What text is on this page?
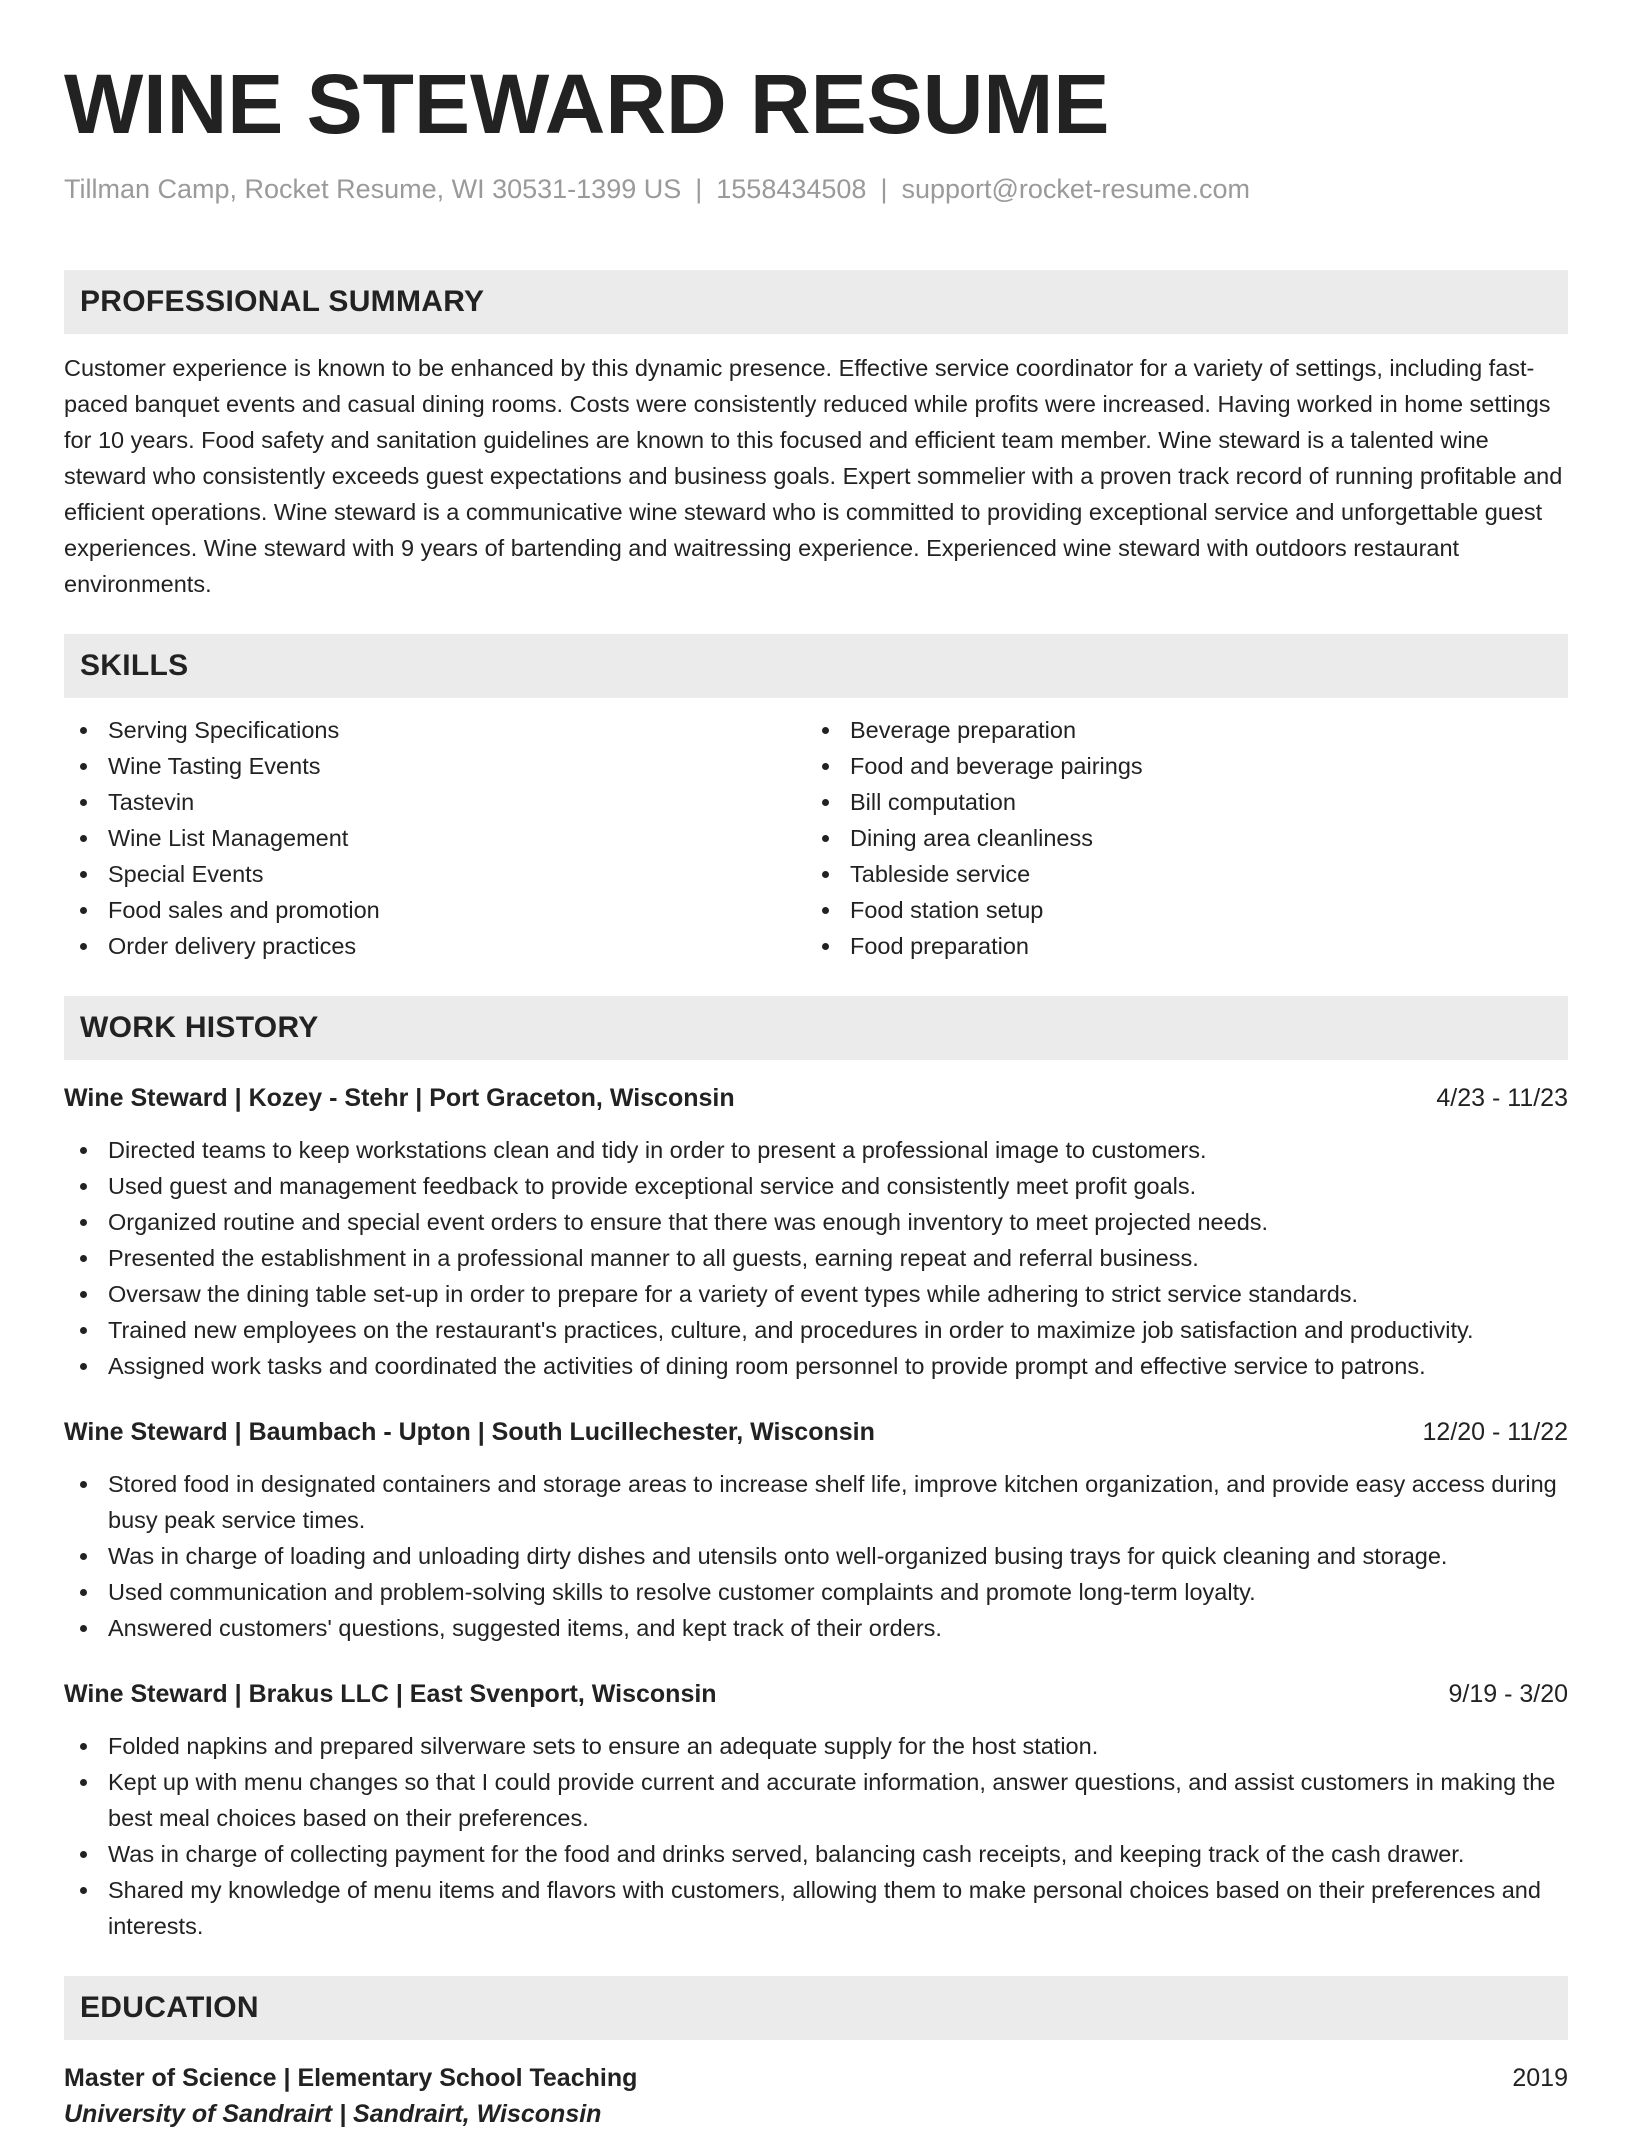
WINE STEWARD RESUME
Tillman Camp, Rocket Resume, WI 30531-1399 US | 1558434508 | support@rocket-resume.com
PROFESSIONAL SUMMARY

Customer experience is known to be enhanced by this dynamic presence. Effective service coordinator for a variety of settings, including fast-paced banquet events and casual dining rooms. Costs were consistently reduced while profits were increased. Having worked in home settings for 10 years. Food safety and sanitation guidelines are known to this focused and efficient team member. Wine steward is a talented wine steward who consistently exceeds guest expectations and business goals. Expert sommelier with a proven track record of running profitable and efficient operations. Wine steward is a communicative wine steward who is committed to providing exceptional service and unforgettable guest experiences. Wine steward with 9 years of bartending and waitressing experience. Experienced wine steward with outdoors restaurant environments.

SKILLS
Serving Specifications
Wine Tasting Events
Tastevin
Wine List Management
Special Events
Food sales and promotion
Order delivery practices
Beverage preparation
Food and beverage pairings
Bill computation
Dining area cleanliness
Tableside service
Food station setup
Food preparation
WORK HISTORY
Wine Steward | Kozey - Stehr | Port Graceton, Wisconsin	4/23 - 11/23
Directed teams to keep workstations clean and tidy in order to present a professional image to customers.
Used guest and management feedback to provide exceptional service and consistently meet profit goals.
Organized routine and special event orders to ensure that there was enough inventory to meet projected needs.
Presented the establishment in a professional manner to all guests, earning repeat and referral business.
Oversaw the dining table set-up in order to prepare for a variety of event types while adhering to strict service standards.
Trained new employees on the restaurant's practices, culture, and procedures in order to maximize job satisfaction and productivity.
Assigned work tasks and coordinated the activities of dining room personnel to provide prompt and effective service to patrons.
Wine Steward | Baumbach - Upton | South Lucillechester, Wisconsin	12/20 - 11/22
Stored food in designated containers and storage areas to increase shelf life, improve kitchen organization, and provide easy access during busy peak service times.
Was in charge of loading and unloading dirty dishes and utensils onto well-organized busing trays for quick cleaning and storage.
Used communication and problem-solving skills to resolve customer complaints and promote long-term loyalty.
Answered customers' questions, suggested items, and kept track of their orders.
Wine Steward | Brakus LLC | East Svenport, Wisconsin	9/19 - 3/20
Folded napkins and prepared silverware sets to ensure an adequate supply for the host station.
Kept up with menu changes so that I could provide current and accurate information, answer questions, and assist customers in making the best meal choices based on their preferences.
Was in charge of collecting payment for the food and drinks served, balancing cash receipts, and keeping track of the cash drawer.
Shared my knowledge of menu items and flavors with customers, allowing them to make personal choices based on their preferences and interests.
EDUCATION
Master of Science | Elementary School Teaching	2019
University of Sandrairt | Sandrairt, Wisconsin
